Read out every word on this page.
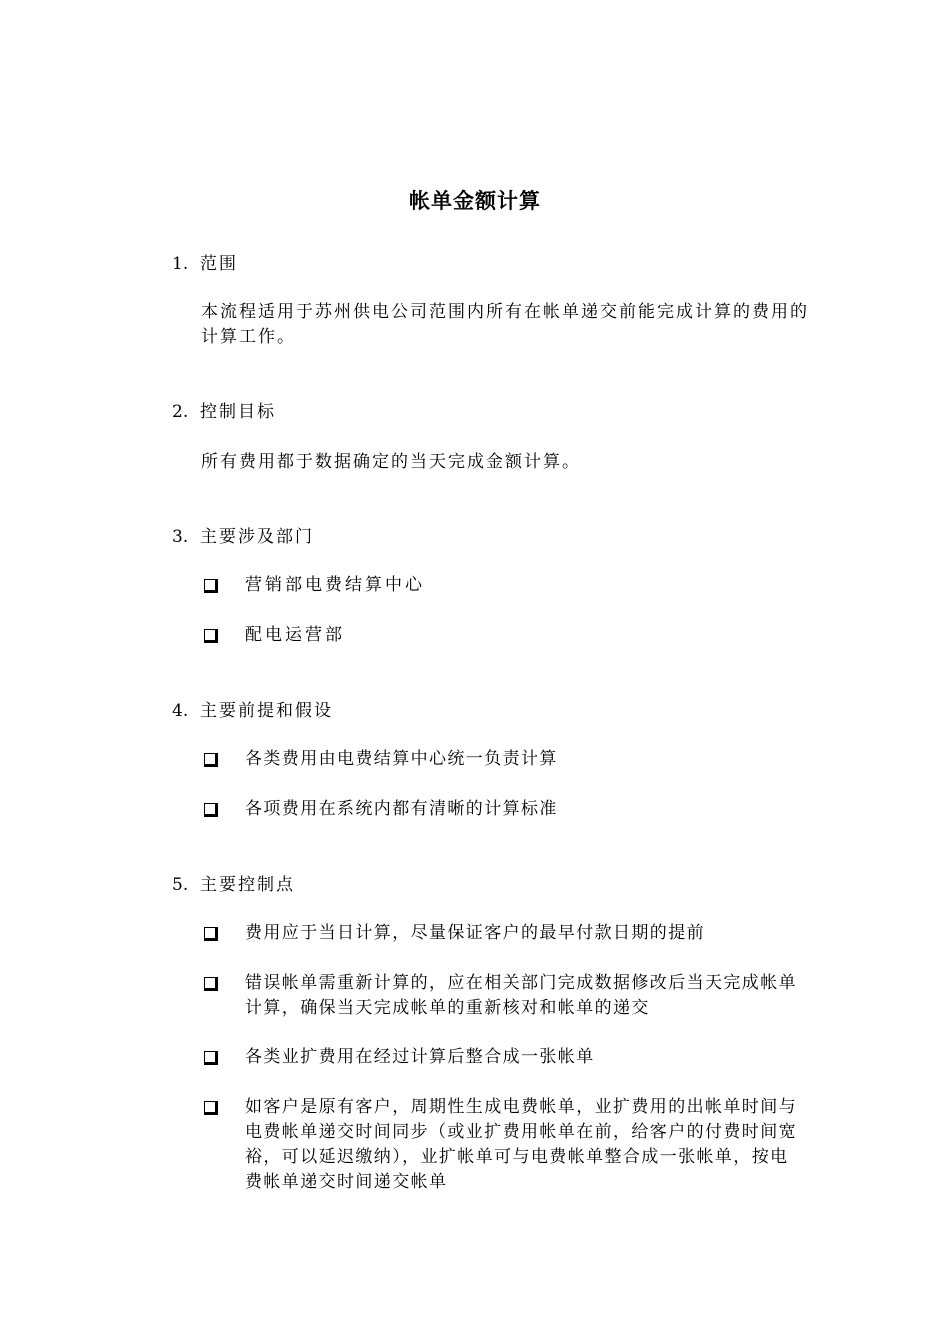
帐单金额计算
1. 范围
本流程适用于苏州供电公司范围内所有在帐单递交前能完成计算的费用的计算工作。
2. 控制目标
所有费用都于数据确定的当天完成金额计算。
3. 主要涉及部门
营销部电费结算中心
配电运营部
4. 主要前提和假设
各类费用由电费结算中心统一负责计算
各项费用在系统内都有清晰的计算标准
5. 主要控制点
费用应于当日计算，尽量保证客户的最早付款日期的提前
错误帐单需重新计算的，应在相关部门完成数据修改后当天完成帐单计算，确保当天完成帐单的重新核对和帐单的递交
各类业扩费用在经过计算后整合成一张帐单
如客户是原有客户，周期性生成电费帐单，业扩费用的出帐单时间与电费帐单递交时间同步（或业扩费用帐单在前，给客户的付费时间宽裕，可以延迟缴纳），业扩帐单可与电费帐单整合成一张帐单，按电费帐单递交时间递交帐单
